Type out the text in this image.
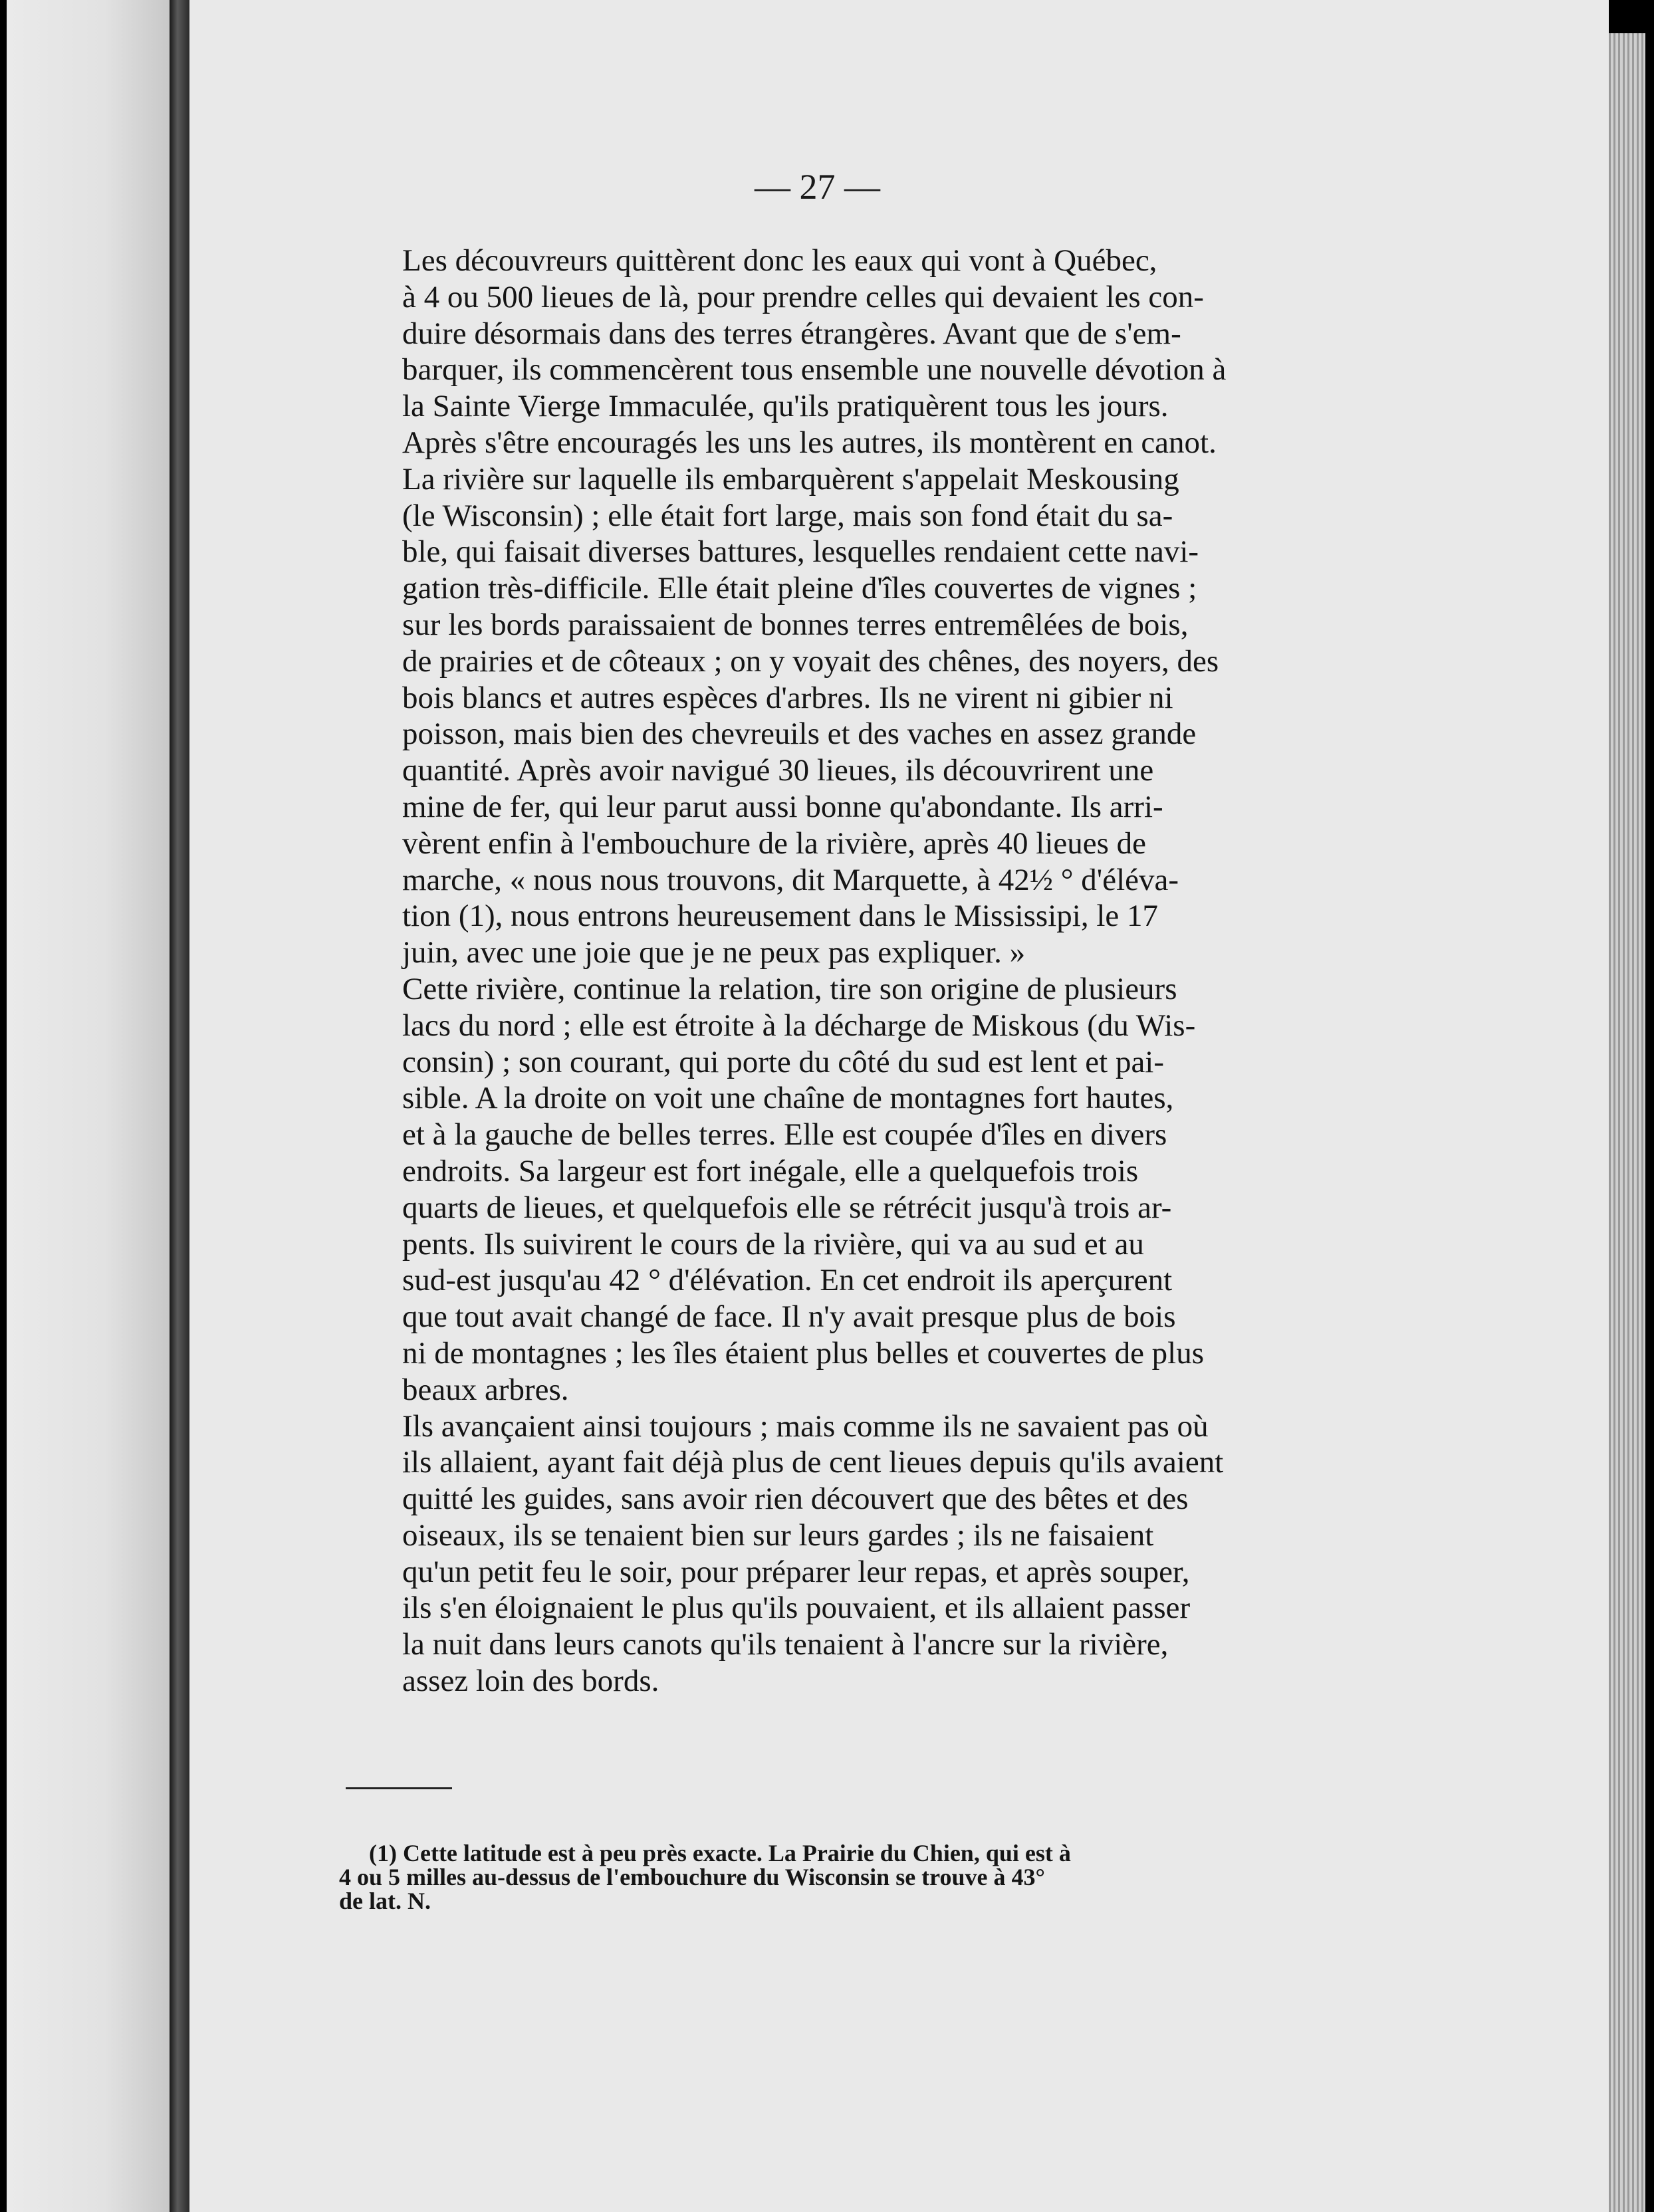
— 27 —

Les découvreurs quittèrent donc les eaux qui vont à Québec,
à 4 ou 500 lieues de là, pour prendre celles qui devaient les con-
duire désormais dans des terres étrangères. Avant que de s'em-
barquer, ils commencèrent tous ensemble une nouvelle dévotion à
la Sainte Vierge Immaculée, qu'ils pratiquèrent tous les jours.
Après s'être encouragés les uns les autres, ils montèrent en canot.

La rivière sur laquelle ils embarquèrent s'appelait Meskousing
(le Wisconsin) ; elle était fort large, mais son fond était du sa-
ble, qui faisait diverses battures, lesquelles rendaient cette navi-
gation très-difficile. Elle était pleine d'îles couvertes de vignes ;
sur les bords paraissaient de bonnes terres entremêlées de bois,
de prairies et de côteaux ; on y voyait des chênes, des noyers, des
bois blancs et autres espèces d'arbres. Ils ne virent ni gibier ni
poisson, mais bien des chevreuils et des vaches en assez grande
quantité. Après avoir navigué 30 lieues, ils découvrirent une
mine de fer, qui leur parut aussi bonne qu'abondante. Ils arri-
vèrent enfin à l'embouchure de la rivière, après 40 lieues de
marche, « nous nous trouvons, dit Marquette, à 42½ ° d'éléva-
tion (1), nous entrons heureusement dans le Mississipi, le 17
juin, avec une joie que je ne peux pas expliquer. »

Cette rivière, continue la relation, tire son origine de plusieurs
lacs du nord ; elle est étroite à la décharge de Miskous (du Wis-
consin) ; son courant, qui porte du côté du sud est lent et pai-
sible. A la droite on voit une chaîne de montagnes fort hautes,
et à la gauche de belles terres. Elle est coupée d'îles en divers
endroits. Sa largeur est fort inégale, elle a quelquefois trois
quarts de lieues, et quelquefois elle se rétrécit jusqu'à trois ar-
pents. Ils suivirent le cours de la rivière, qui va au sud et au
sud-est jusqu'au 42 ° d'élévation. En cet endroit ils aperçurent
que tout avait changé de face. Il n'y avait presque plus de bois
ni de montagnes ; les îles étaient plus belles et couvertes de plus
beaux arbres.

Ils avançaient ainsi toujours ; mais comme ils ne savaient pas où
ils allaient, ayant fait déjà plus de cent lieues depuis qu'ils avaient
quitté les guides, sans avoir rien découvert que des bêtes et des
oiseaux, ils se tenaient bien sur leurs gardes ; ils ne faisaient
qu'un petit feu le soir, pour préparer leur repas, et après souper,
ils s'en éloignaient le plus qu'ils pouvaient, et ils allaient passer
la nuit dans leurs canots qu'ils tenaient à l'ancre sur la rivière,
assez loin des bords.

(1) Cette latitude est à peu près exacte. La Prairie du Chien, qui est à
4 ou 5 milles au-dessus de l'embouchure du Wisconsin se trouve à 43°
de lat. N.
